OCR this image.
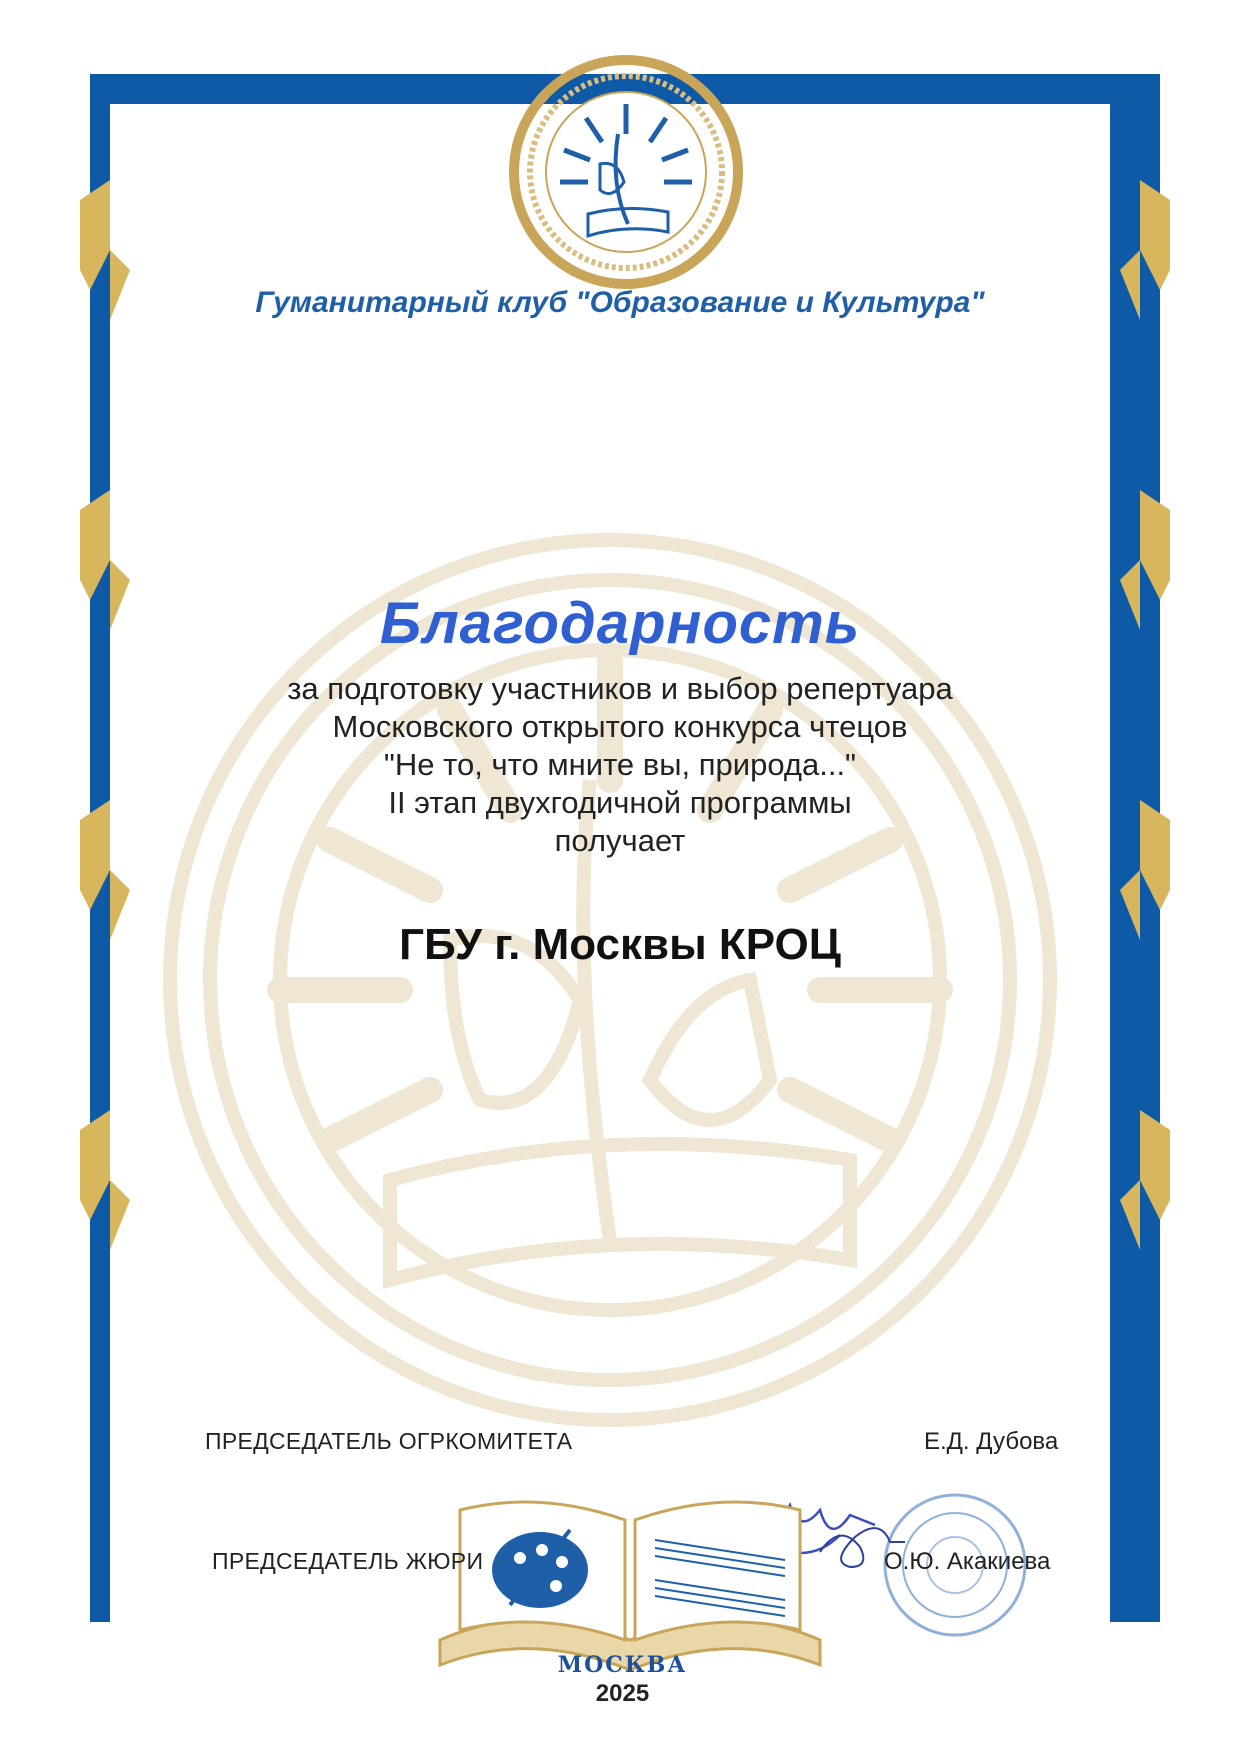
Гуманитарный клуб "Образование и Культура"
Благодарность
за подготовку участников и выбор репертуара
Московского открытого конкурса чтецов
"Не то, что мните вы, природа..."
II этап двухгодичной программы
получает
ГБУ г. Москвы КРОЦ
ПРЕДСЕДАТЕЛЬ ОГРКОМИТЕТА	Е.Д. Дубова
ПРЕДСЕДАТЕЛЬ ЖЮРИ	О.Ю. Акакиева
МОСКВА
2025
